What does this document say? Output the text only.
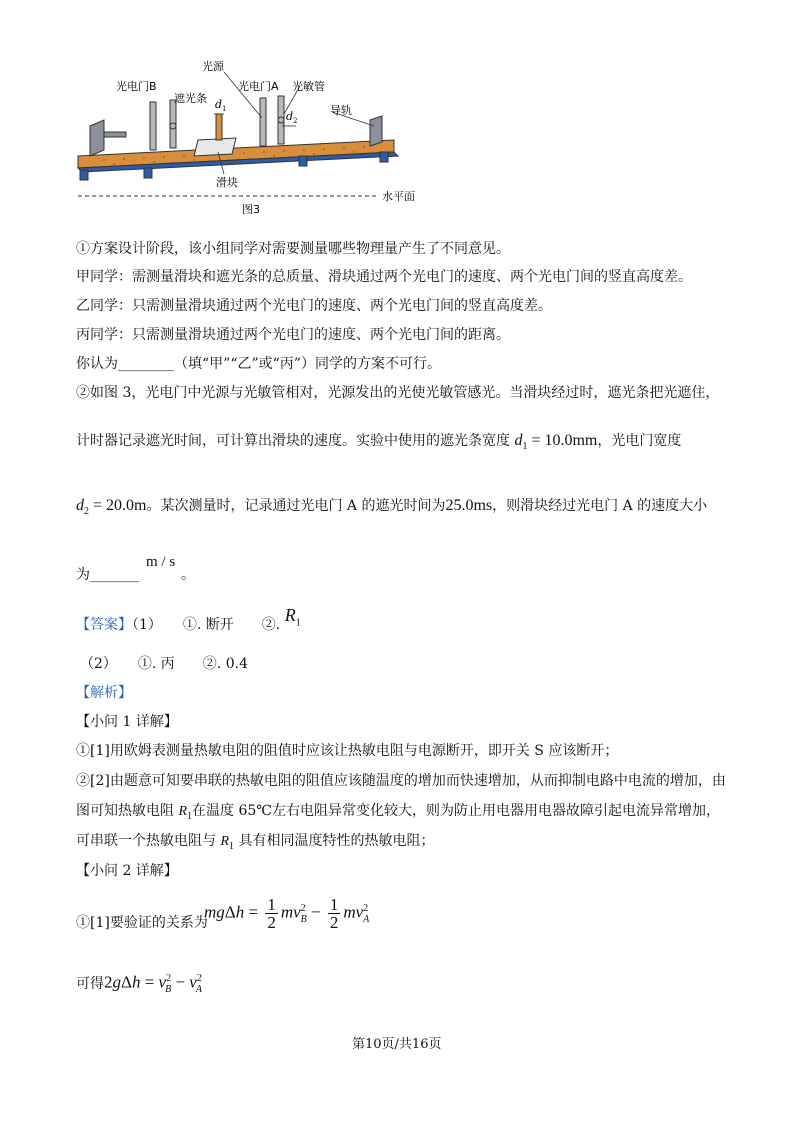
光源
光电门B	光电门A 光敏管
遮光条 d 1
d 2
导轨
滑块
水平面
图3
①方案设计阶段，该小组同学对需要测量哪些物理量产生了不同意见。
甲同学：需测量滑块和遮光条的总质量、滑块通过两个光电门的速度、两个光电门间的竖直高度差。
乙同学：只需测量滑块通过两个光电门的速度、两个光电门间的竖直高度差。
丙同学：只需测量滑块通过两个光电门的速度、两个光电门间的距离。
你认为________（填“甲”“乙”或“丙”）同学的方案不可行。
②如图 3，光电门中光源与光敏管相对，光源发出的光使光敏管感光。当滑块经过时，遮光条把光遮住，
计时器记录遮光时间，可计算出滑块的速度。实验中使用的遮光条宽度 $d_1 = 10.0mm$，光电门宽度
$d_2 = 20.0m$。某次测量时，记录通过光电门 A 的遮光时间为25.0ms，则滑块经过光电门 A 的速度大小
m / s
为_______	。
【答案】（1）　　①. 断开　　②. $R_1$
（2）　　①. 丙　　②. 0.4
【解析】
【小问 1 详解】
①[1]用欧姆表测量热敏电阻的阻值时应该让热敏电阻与电源断开，即开关 S 应该断开；
②[2]由题意可知要串联的热敏电阻的阻值应该随温度的增加而快速增加，从而抑制电路中电流的增加，由
图可知热敏电阻 $R_1$在温度 65℃左右电阻异常变化较大，则为防止用电器用电器故障引起电流异常增加，
可串联一个热敏电阻与 $R_1$ 具有相同温度特性的热敏电阻；
【小问 2 详解】
①[1]要验证的关系为
$mg\Delta h = \frac{1}{2}$ mv $^2$
$_B - \frac{1}{2}$ mv $^2$
$_A$
可得 $2g\Delta h = v^2_B - v^2_A$
第10页/共16页
